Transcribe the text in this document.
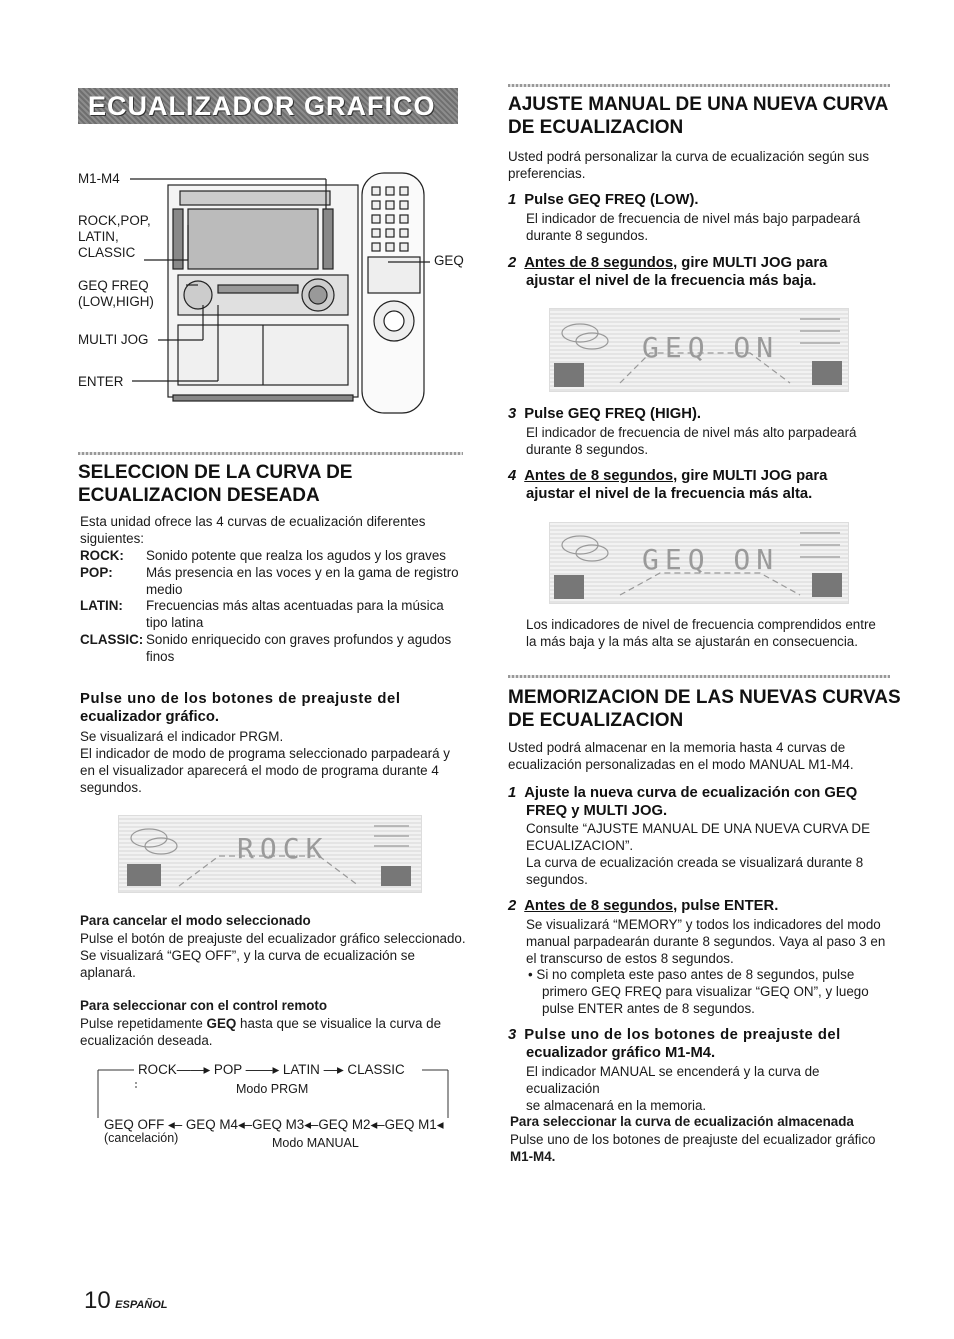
ECUALIZADOR GRAFICO
M1-M4
ROCK,POP,
LATIN,
CLASSIC
GEQ FREQ
(LOW,HIGH)
MULTI JOG
ENTER
GEQ
SELECCION DE LA CURVA DE
ECUALIZACION DESEADA
Esta unidad ofrece las 4 curvas de ecualización diferentes
siguientes:
ROCK:	Sonido potente que realza los agudos y los graves
POP:	Más presencia en las voces y en la gama de registro
medio
LATIN:	Frecuencias más altas acentuadas para la música
tipo latina
CLASSIC: Sonido enriquecido con graves profundos y agudos
finos
Pulse uno de los botones de preajuste del
ecualizador gráfico.
Se visualizará el indicador PRGM.
El indicador de modo de programa seleccionado parpadeará y
en el visualizador aparecerá el modo de programa durante 4
segundos.
ROCK
Para cancelar el modo seleccionado
Pulse el botón de preajuste del ecualizador gráfico seleccionado.
Se visualizará “GEQ OFF”, y la curva de ecualización se
aplanará.
Para seleccionar con el control remoto
Pulse repetidamente GEQ hasta que se visualice la curva de
ecualización deseada.
ROCK——▸ POP ——▸ LATIN —▸ CLASSIC
Modo PRGM
GEQ OFF ◂– GEQ M4◂–GEQ M3◂–GEQ M2◂–GEQ M1◂
(cancelación)	Modo MANUAL
AJUSTE MANUAL DE UNA NUEVA CURVA
DE ECUALIZACION
Usted podrá personalizar la curva de ecualización según sus
preferencias.
1 Pulse GEQ FREQ (LOW).
El indicador de frecuencia de nivel más bajo parpadeará
durante 8 segundos.
2 Antes de 8 segundos, gire MULTI JOG para
ajustar el nivel de la frecuencia más baja.
GEQ ON
3 Pulse GEQ FREQ (HIGH).
El indicador de frecuencia de nivel más alto parpadeará
durante 8 segundos.
4 Antes de 8 segundos, gire MULTI JOG para
ajustar el nivel de la frecuencia más alta.
GEQ ON
Los indicadores de nivel de frecuencia comprendidos entre
la más baja y la más alta se ajustarán en consecuencia.
MEMORIZACION DE LAS NUEVAS CURVAS
DE ECUALIZACION
Usted podrá almacenar en la memoria hasta 4 curvas de
ecualización personalizadas en el modo MANUAL M1-M4.
1 Ajuste la nueva curva de ecualización con GEQ
FREQ y MULTI JOG.
Consulte “AJUSTE MANUAL DE UNA NUEVA CURVA DE
ECUALIZACION”.
La curva de ecualización creada se visualizará durante 8
segundos.
2 Antes de 8 segundos, pulse ENTER.
Se visualizará “MEMORY” y todos los indicadores del modo
manual parpadearán durante 8 segundos. Vaya al paso 3 en
el transcurso de estos 8 segundos.
• Si no completa este paso antes de 8 segundos, pulse
primero GEQ FREQ para visualizar “GEQ ON”, y luego
pulse ENTER antes de 8 segundos.
3 Pulse uno de los botones de preajuste del
ecualizador gráfico M1-M4.
El indicador MANUAL se encenderá y la curva de ecualización
se almacenará en la memoria.
Para seleccionar la curva de ecualización almacenada
Pulse uno de los botones de preajuste del ecualizador gráfico
M1-M4.
10 ESPAÑOL
